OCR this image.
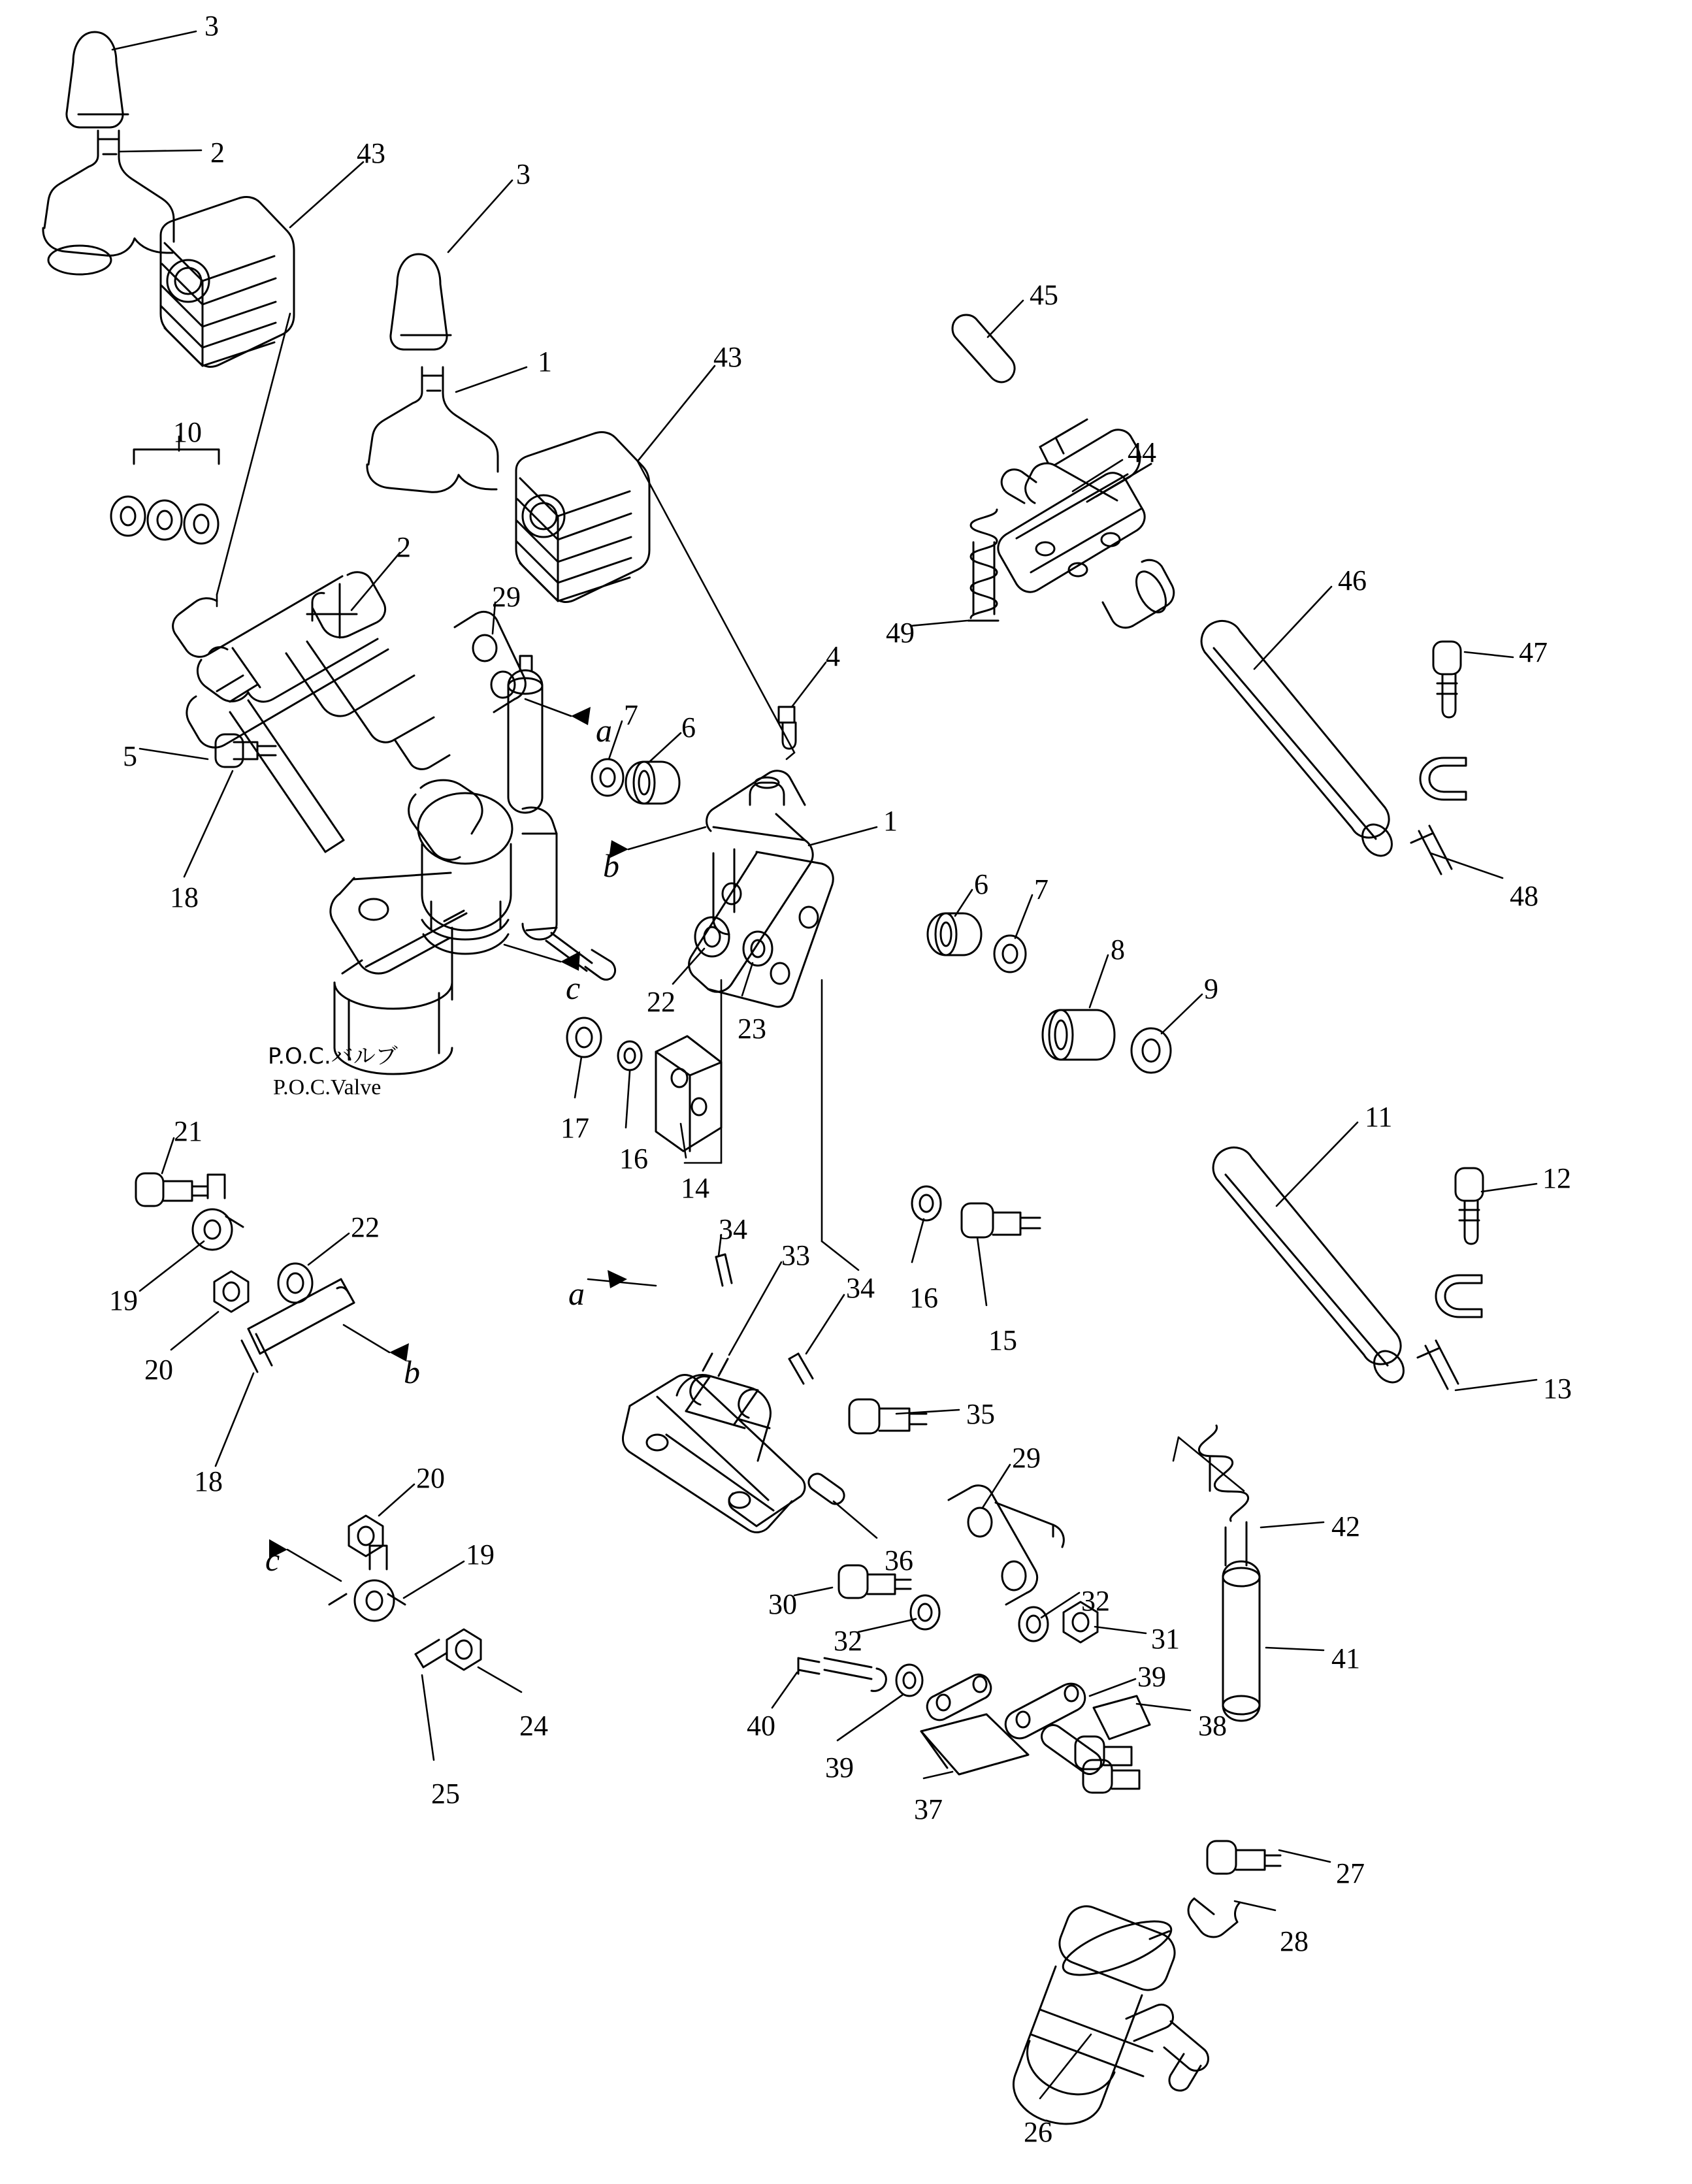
3
2	43
3
45
1	43
44
10
46
2
29
49
47
4
7 6
5
48
1
18	6 7
8
9
22
23
11
17
16
14	12
21
22	34
33
34 16
19
15
20
13
18	20
19
35
29
42
36
30	32
32	31
41
39
24	40
39
38
25	37
27
28
26
a
b
c
b
a
c
P.O.C.バルブ
P.O.C.Valve
